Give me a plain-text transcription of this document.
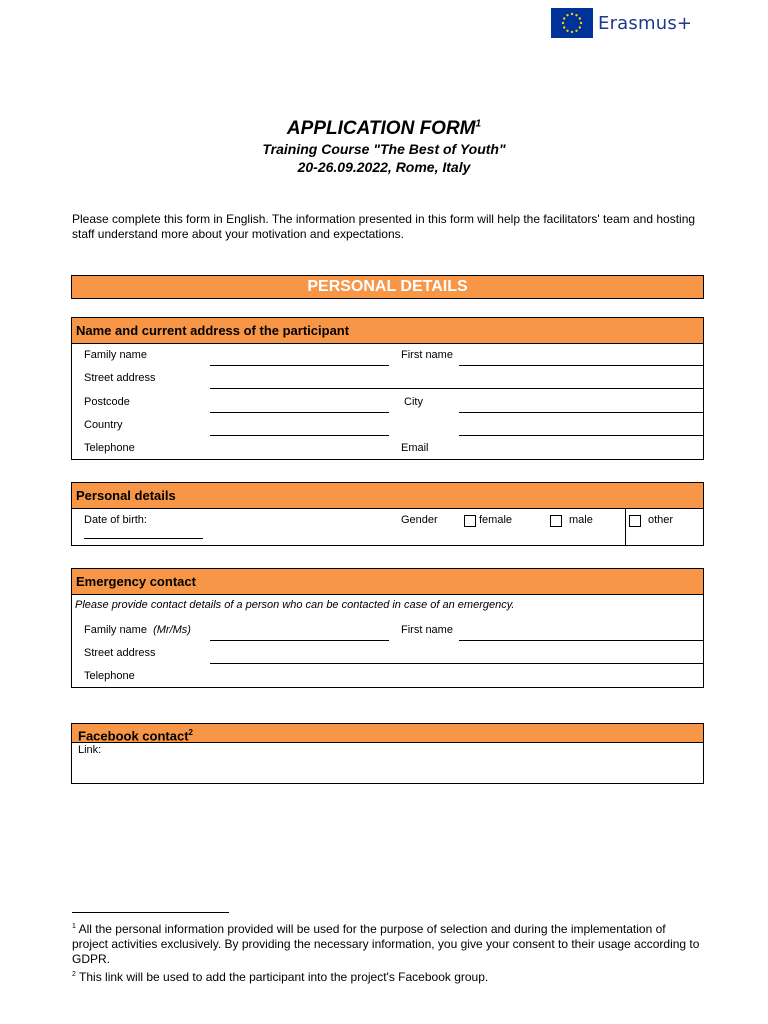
Erasmus+
APPLICATION FORM$^1$
Training Course "The Best of Youth"
20-26.09.2022, Rome, Italy

Please complete this form in English. The information presented in this form will help the facilitators' team and hosting staff understand more about your motivation and expectations.

PERSONAL DETAILS
Name and current address of the participant
Family name	First name
Street address
Postcode	City
Country
Telephone	Email
Personal details
Date of birth:	Gender	female	male	other
Emergency contact
Please provide contact details of a person who can be contacted in case of an emergency.
Family name (Mr/Ms)	First name
Street address
Telephone
Facebook contact$^2$
Link:

$^1$ All the personal information provided will be used for the purpose of selection and during the implementation of project activities exclusively. By providing the necessary information, you give your consent to their usage according to GDPR.

$^2$ This link will be used to add the participant into the project's Facebook group.
